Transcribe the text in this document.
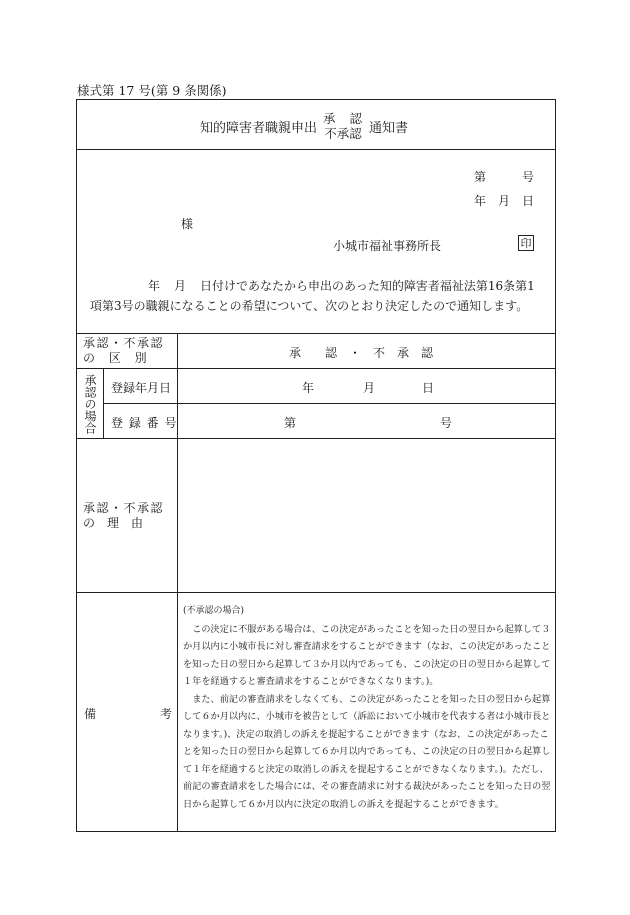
様式第 17 号(第 9 条関係)
知的障害者職親申出
承 認
不承認 通知書
第	号
年 月 日
様
小城市福祉事務所長	印
年 月 日付けであなたから申出のあった知的障害者福祉法第16条第1項第3号の職親になることの希望について、次のとおり決定したので通知します。
承認・不承認
の 区 別	承　　認　・　不　承　認
承認の場合 登録年月日	年	月	日
登 録 番 号	第	号
承認・不承認
の　理　由
備	考

(不承認の場合)

この決定に不服がある場合は、この決定があったことを知った日の翌日から起算して３か月以内に小城市長に対し審査請求をすることができます（なお、この決定があったことを知った日の翌日から起算して３か月以内であっても、この決定の日の翌日から起算して１年を経過すると審査請求をすることができなくなります。)。

また、前記の審査請求をしなくても、この決定があったことを知った日の翌日から起算して６か月以内に、小城市を被告として（訴訟において小城市を代表する者は小城市長となります。)、決定の取消しの訴えを提起することができます（なお、この決定があったことを知った日の翌日から起算して６か月以内であっても、この決定の日の翌日から起算して１年を経過すると決定の取消しの訴えを提起することができなくなります。)。ただし、前記の審査請求をした場合には、その審査請求に対する裁決があったことを知った日の翌日から起算して６か月以内に決定の取消しの訴えを提起することができます。
